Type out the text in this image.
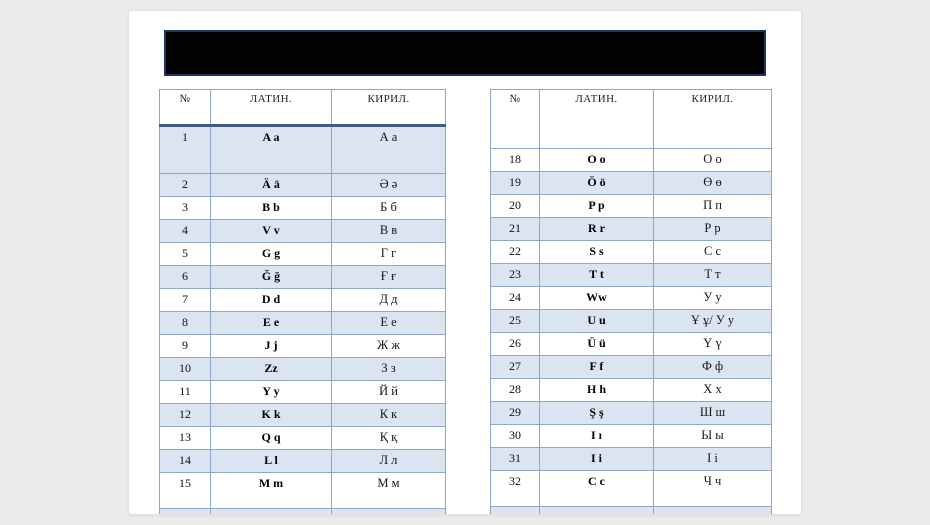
№	ЛАТИН.	КИРИЛ.
1	A a	А а
2	Ä ä	Ә ә
3	B b	Б б
4	V v	В в
5	G g	Г г
6	Ğ ğ	Ғ ғ
7	D d	Д д
8	E e	Е е
9	J j	Ж ж
10	Zz	З з
11	Y y	Й й
12	K k	К к
13	Q q	Қ қ
14	L l	Л л
15	M m	М м

№	ЛАТИН.	КИРИЛ.
18	O o	О о
19	Ö ö	Ө ө
20	P p	П п
21	R r	Р р
22	S s	С с
23	T t	Т т
24	Ww	У у
25	U u	Ұ ұ/ У у
26	Ü ü	Ү ү
27	F f	Ф ф
28	H h	Х х
29	Ş ş	Ш ш
30	I ı	Ы ы
31	I i	І і
32	C c	Ч ч
